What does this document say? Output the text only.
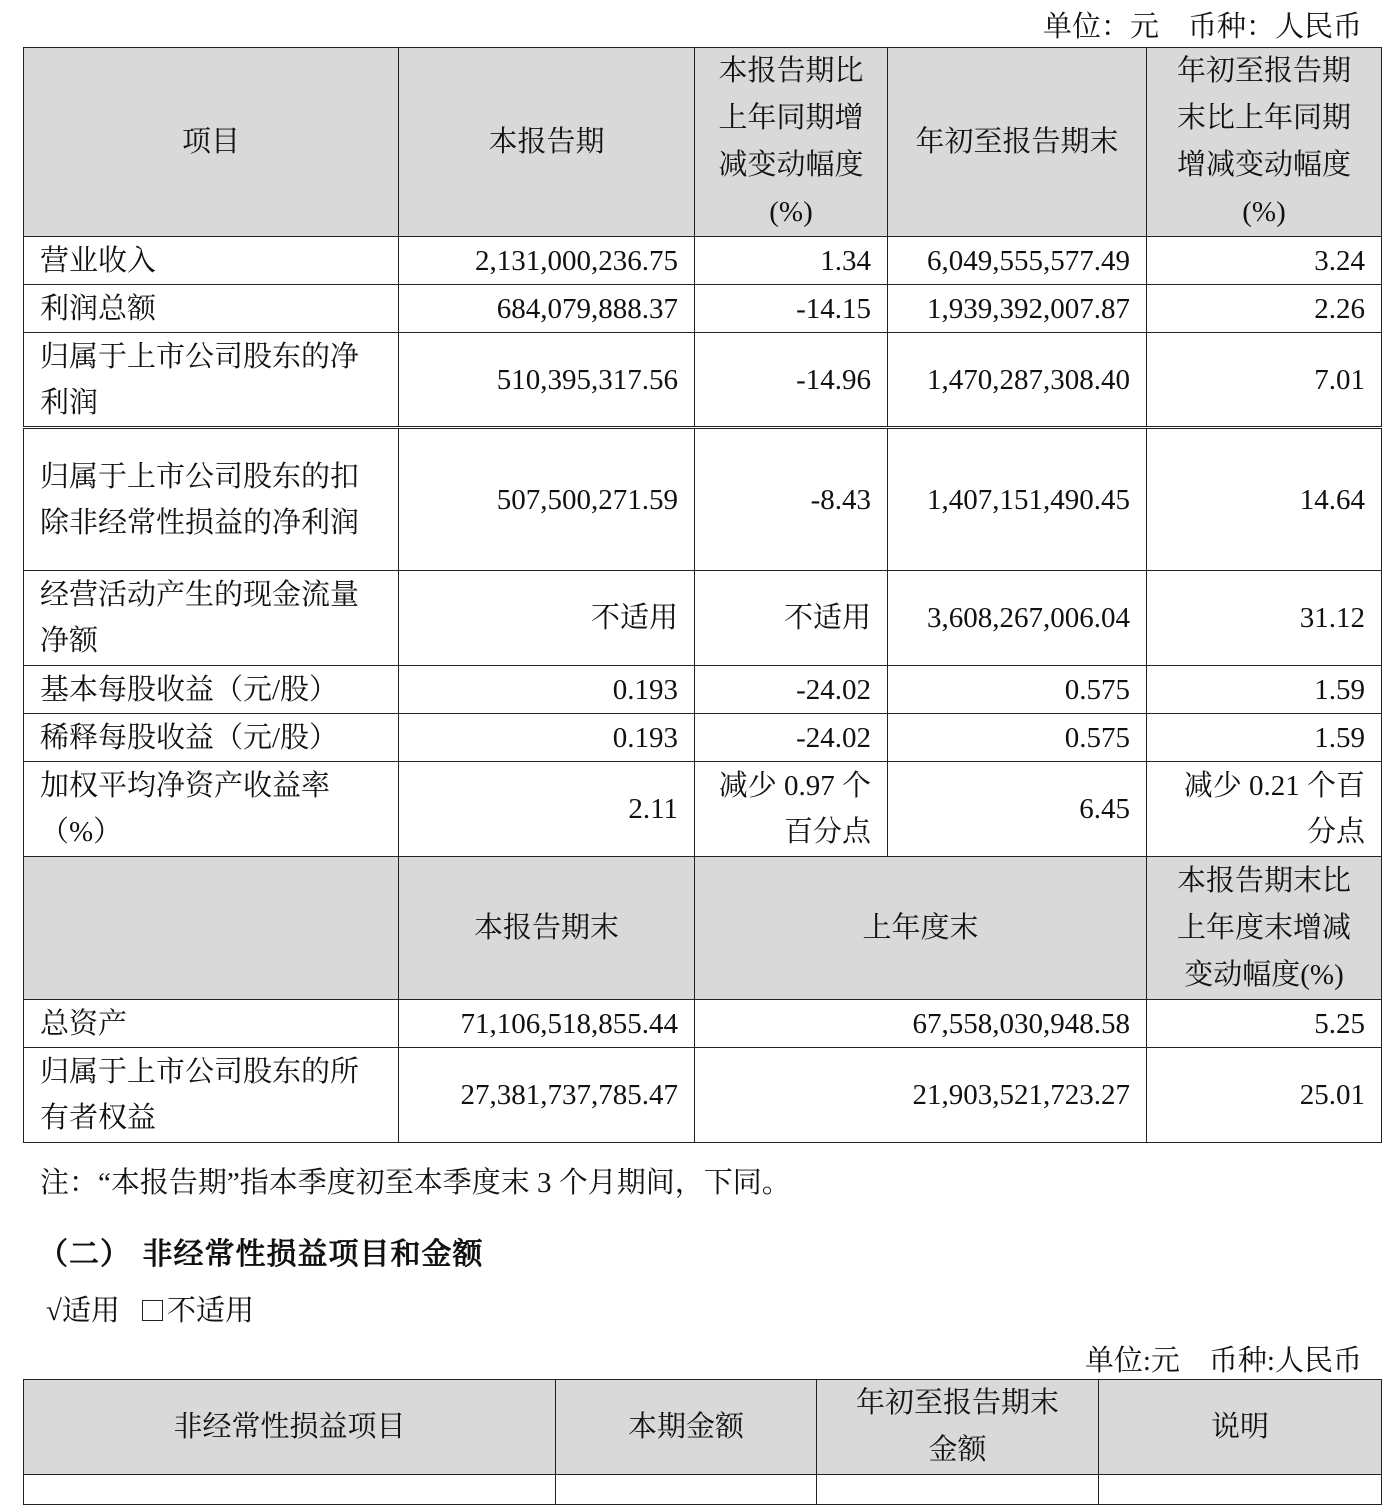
单位：元    币种：人民币
项目	本报告期	本报告期比上年同期增减变动幅度(%)	年初至报告期末	年初至报告期末比上年同期增减变动幅度(%)
营业收入	2,131,000,236.75	1.34	6,049,555,577.49	3.24
利润总额	684,079,888.37	-14.15	1,939,392,007.87	2.26
归属于上市公司股东的净利润	510,395,317.56	-14.96	1,470,287,308.40	7.01
归属于上市公司股东的扣除非经常性损益的净利润	507,500,271.59	-8.43	1,407,151,490.45	14.64
经营活动产生的现金流量净额	不适用	不适用	3,608,267,006.04	31.12
基本每股收益（元/股）	0.193	-24.02	0.575	1.59
稀释每股收益（元/股）	0.193	-24.02	0.575	1.59
加权平均净资产收益率（%）	2.11	减少 0.97 个百分点	6.45	减少 0.21 个百分点
	本报告期末	上年度末		本报告期末比上年度末增减变动幅度(%)
总资产	71,106,518,855.44	67,558,030,948.58		5.25
归属于上市公司股东的所有者权益	27,381,737,785.47	21,903,521,723.27		25.01
注：“本报告期”指本季度初至本季度末 3 个月期间，下同。
（二） 非经常性损益项目和金额
√适用 不适用
单位:元    币种:人民币
非经常性损益项目	本期金额	年初至报告期末金额	说明
